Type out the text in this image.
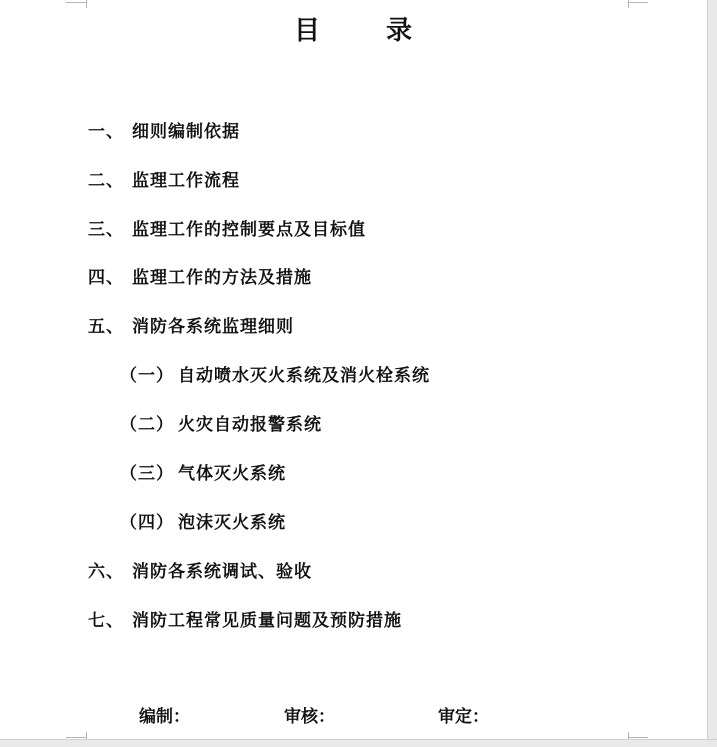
目 录
一、 细则编制依据
二、 监理工作流程
三、 监理工作的控制要点及目标值
四、 监理工作的方法及措施
五、 消防各系统监理细则
（一） 自动喷水灭火系统及消火栓系统
（二） 火灾自动报警系统
（三） 气体灭火系统
（四） 泡沫灭火系统
六、 消防各系统调试、验收
七、 消防工程常见质量问题及预防措施
编制：	审核：	审定：
